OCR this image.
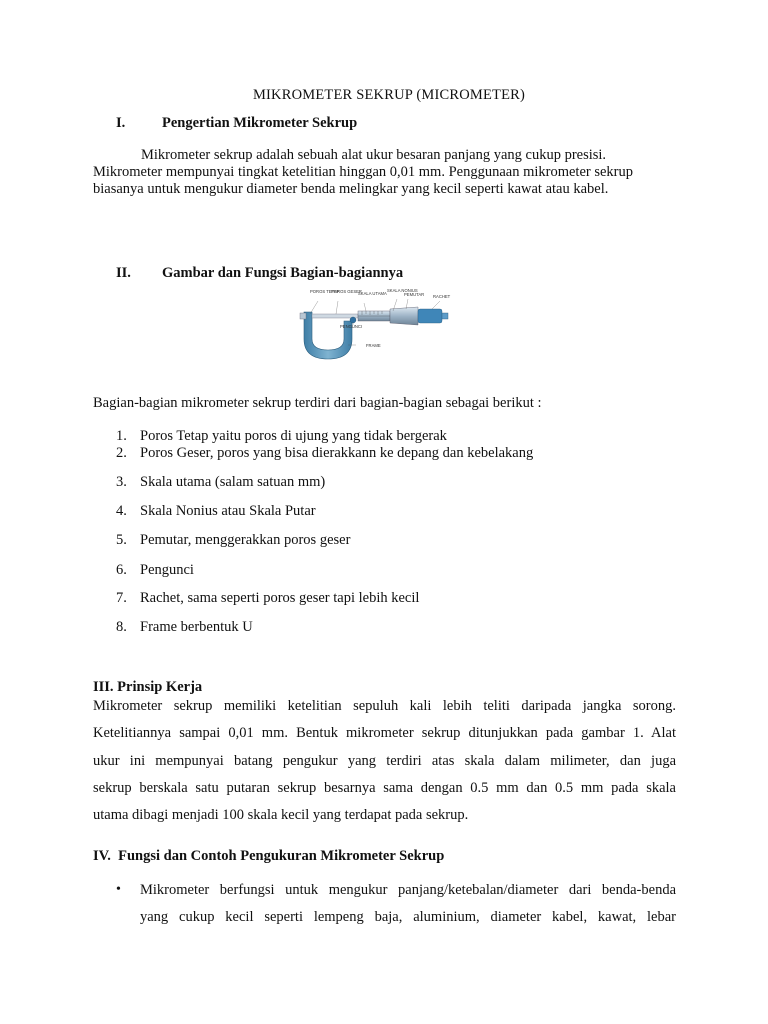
MIKROMETER SEKRUP (MICROMETER)
I.	Pengertian Mikrometer Sekrup
Mikrometer sekrup adalah sebuah alat ukur besaran panjang yang cukup presisi. Mikrometer mempunyai tingkat ketelitian hinggan 0,01 mm. Penggunaan mikrometer sekrup biasanya untuk mengukur diameter benda melingkar yang kecil seperti kawat atau kabel.
II. Gambar dan Fungsi Bagian-bagiannya
POROS TETAP
POROS GESER
SKALA UTAMA
SKALA NONIUS
PEMUTAR RACHET
PENGUNCI
FRAME
Bagian-bagian mikrometer sekrup terdiri dari bagian-bagian sebagai berikut :
1. Poros Tetap yaitu poros di ujung yang tidak bergerak
2. Poros Geser, poros yang bisa dierakkann ke depang dan kebelakang
3. Skala utama (salam satuan mm)
4. Skala Nonius atau Skala Putar
5. Pemutar, menggerakkan poros geser
6. Pengunci
7. Rachet, sama seperti poros geser tapi lebih kecil
8. Frame berbentuk U
III. Prinsip Kerja
Mikrometer sekrup memiliki ketelitian sepuluh kali lebih teliti daripada jangka sorong.
Ketelitiannya sampai 0,01 mm. Bentuk mikrometer sekrup ditunjukkan pada gambar 1. Alat
ukur ini mempunyai batang pengukur yang terdiri atas skala dalam milimeter, dan juga
sekrup berskala satu putaran sekrup besarnya sama dengan 0.5 mm dan 0.5 mm pada skala
utama dibagi menjadi 100 skala kecil yang terdapat pada sekrup.
IV.  Fungsi dan Contoh Pengukuran Mikrometer Sekrup
• Mikrometer berfungsi untuk mengukur panjang/ketebalan/diameter dari benda-benda
yang cukup kecil seperti lempeng baja, aluminium, diameter kabel, kawat, lebar
